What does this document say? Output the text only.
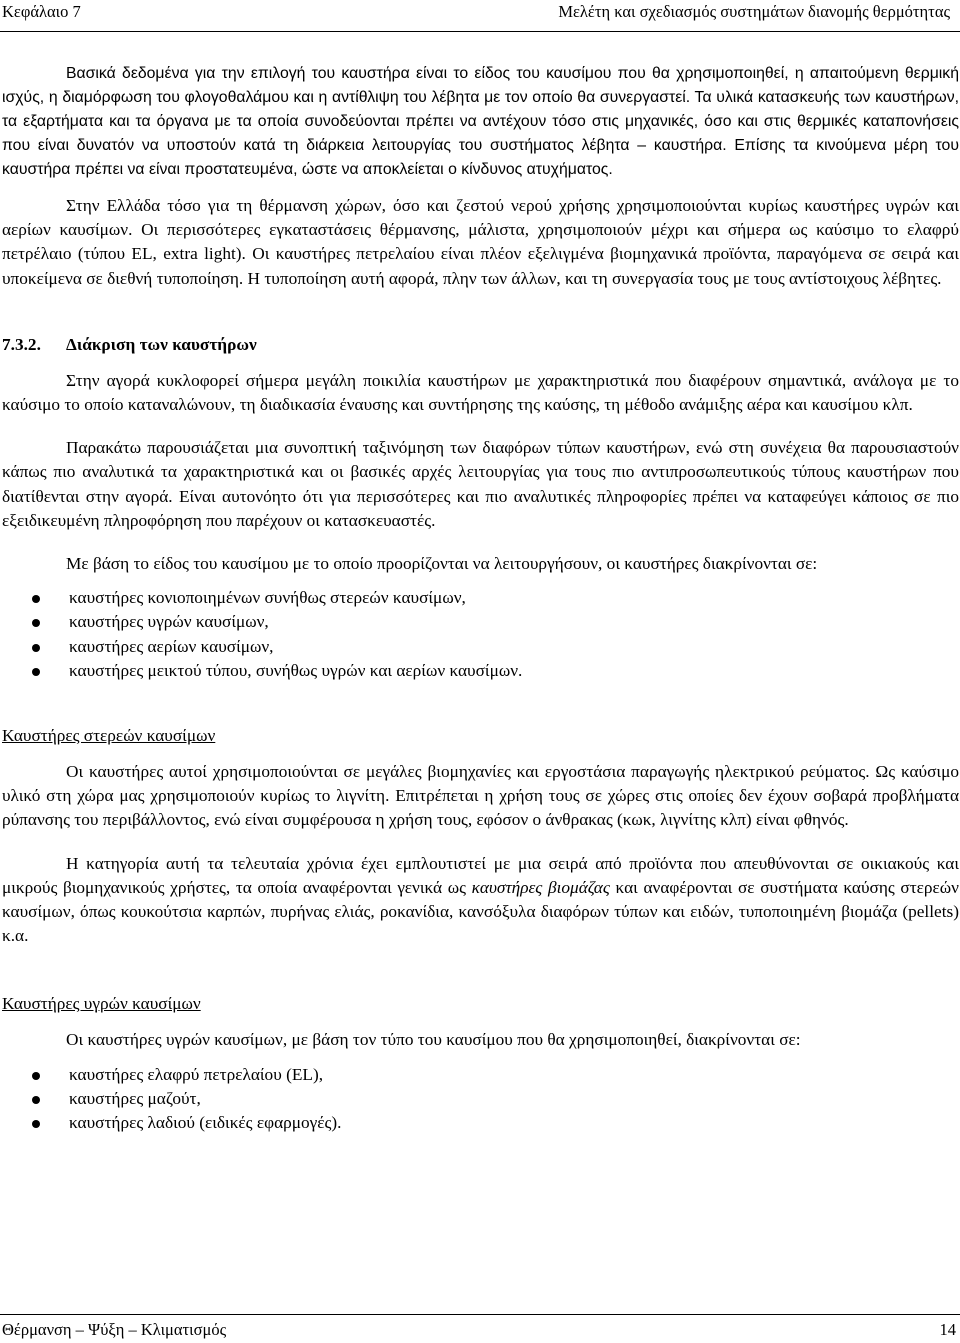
Κεφάλαιο 7	Μελέτη και σχεδιασμός συστημάτων διανομής θερμότητας

Βασικά δεδομένα για την επιλογή του καυστήρα είναι το είδος του καυσίμου που θα χρησιμοποιηθεί, η απαιτούμενη θερμική ισχύς, η διαμόρφωση του φλογοθαλάμου και η αντίθλιψη του λέβητα με τον οποίο θα συνεργαστεί. Τα υλικά κατασκευής των καυστήρων, τα εξαρτήματα και τα όργανα με τα οποία συνοδεύονται πρέπει να αντέχουν τόσο στις μηχανικές, όσο και στις θερμικές καταπονήσεις που είναι δυνατόν να υποστούν κατά τη διάρκεια λειτουργίας του συστήματος λέβητα – καυστήρα. Επίσης τα κινούμενα μέρη του καυστήρα πρέπει να είναι προστατευμένα, ώστε να αποκλείεται ο κίνδυνος ατυχήματος.

Στην Ελλάδα τόσο για τη θέρμανση χώρων, όσο και ζεστού νερού χρήσης χρησιμοποιούνται κυρίως καυστήρες υγρών και αερίων καυσίμων. Οι περισσότερες εγκαταστάσεις θέρμανσης, μάλιστα, χρησιμοποιούν μέχρι και σήμερα ως καύσιμο το ελαφρύ πετρέλαιο (τύπου EL, extra light). Οι καυστήρες πετρελαίου είναι πλέον εξελιγμένα βιομηχανικά προϊόντα, παραγόμενα σε σειρά και υποκείμενα σε διεθνή τυποποίηση. Η τυποποίηση αυτή αφορά, πλην των άλλων, και τη συνεργασία τους με τους αντίστοιχους λέβητες.

7.3.2. Διάκριση των καυστήρων

Στην αγορά κυκλοφορεί σήμερα μεγάλη ποικιλία καυστήρων με χαρακτηριστικά που διαφέρουν σημαντικά, ανάλογα με το καύσιμο το οποίο καταναλώνουν, τη διαδικασία έναυσης και συντήρησης της καύσης, τη μέθοδο ανάμιξης αέρα και καυσίμου κλπ.

Παρακάτω παρουσιάζεται μια συνοπτική ταξινόμηση των διαφόρων τύπων καυστήρων, ενώ στη συνέχεια θα παρουσιαστούν κάπως πιο αναλυτικά τα χαρακτηριστικά και οι βασικές αρχές λειτουργίας για τους πιο αντιπροσωπευτικούς τύπους καυστήρων που διατίθενται στην αγορά. Είναι αυτονόητο ότι για περισσότερες και πιο αναλυτικές πληροφορίες πρέπει να καταφεύγει κάποιος σε πιο εξειδικευμένη πληροφόρηση που παρέχουν οι κατασκευαστές.

Με βάση το είδος του καυσίμου με το οποίο προορίζονται να λειτουργήσουν, οι καυστήρες διακρίνονται σε:

καυστήρες κονιοποιημένων συνήθως στερεών καυσίμων,
καυστήρες υγρών καυσίμων,
καυστήρες αερίων καυσίμων,
καυστήρες μεικτού τύπου, συνήθως υγρών και αερίων καυσίμων.
Καυστήρες στερεών καυσίμων

Οι καυστήρες αυτοί χρησιμοποιούνται σε μεγάλες βιομηχανίες και εργοστάσια παραγωγής ηλεκτρικού ρεύματος. Ως καύσιμο υλικό στη χώρα μας χρησιμοποιούν κυρίως το λιγνίτη. Επιτρέπεται η χρήση τους σε χώρες στις οποίες δεν έχουν σοβαρά προβλήματα ρύπανσης του περιβάλλοντος, ενώ είναι συμφέρουσα η χρήση τους, εφόσον ο άνθρακας (κωκ, λιγνίτης κλπ) είναι φθηνός.

Η κατηγορία αυτή τα τελευταία χρόνια έχει εμπλουτιστεί με μια σειρά από προϊόντα που απευθύνονται σε οικιακούς και μικρούς βιομηχανικούς χρήστες, τα οποία αναφέρονται γενικά ως καυστήρες βιομάζας και αναφέρονται σε συστήματα καύσης στερεών καυσίμων, όπως κουκούτσια καρπών, πυρήνας ελιάς, ροκανίδια, κανσόξυλα διαφόρων τύπων και ειδών, τυποποιημένη βιομάζα (pellets) κ.α.

Καυστήρες υγρών καυσίμων

Οι καυστήρες υγρών καυσίμων, με βάση τον τύπο του καυσίμου που θα χρησιμοποιηθεί, διακρίνονται σε:

καυστήρες ελαφρύ πετρελαίου (EL),
καυστήρες μαζούτ,
καυστήρες λαδιού (ειδικές εφαρμογές).
Θέρμανση – Ψύξη – Κλιματισμός	14
